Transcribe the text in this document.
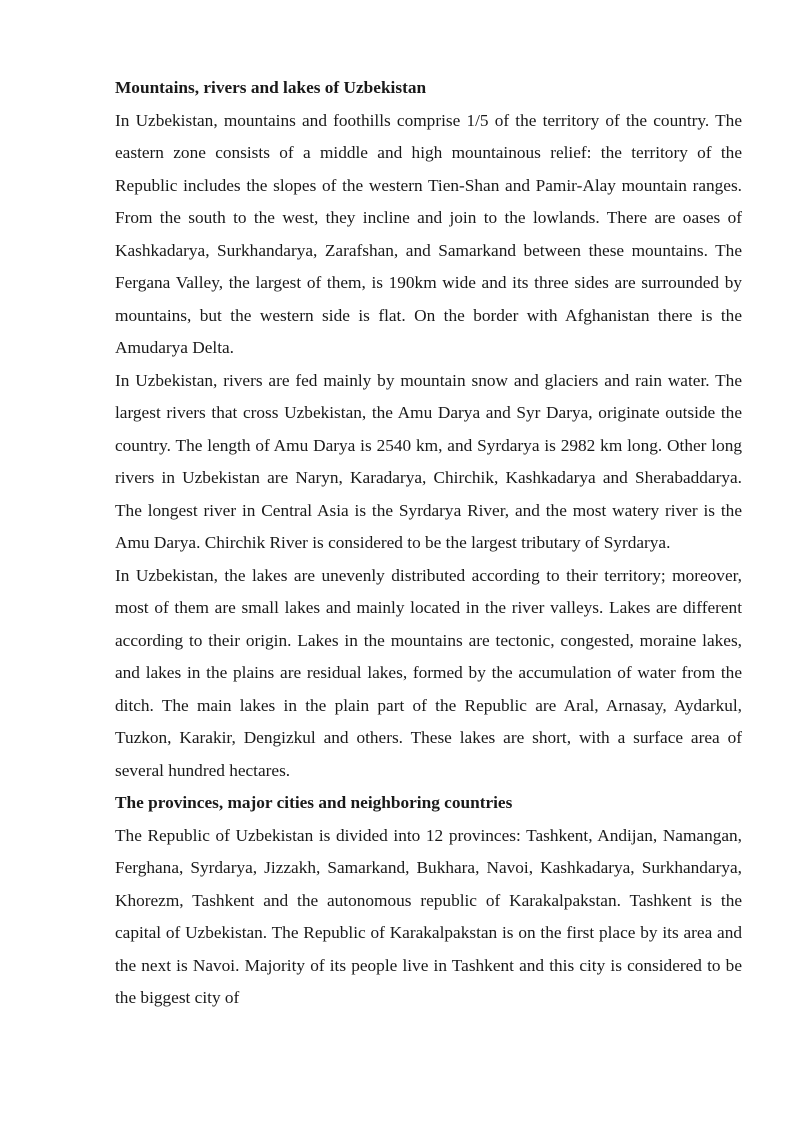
Mountains, rivers and lakes of Uzbekistan

In Uzbekistan, mountains and foothills comprise 1/5 of the territory of the country. The eastern zone consists of a middle and high mountainous relief: the territory of the Republic includes the slopes of the western Tien-Shan and Pamir-Alay mountain ranges. From the south to the west, they incline and join to the lowlands. There are oases of Kashkadarya, Surkhandarya, Zarafshan, and Samarkand between these mountains. The Fergana Valley, the largest of them, is 190km wide and its three sides are surrounded by mountains, but the western side is flat. On the border with Afghanistan there is the Amudarya Delta.

In Uzbekistan, rivers are fed mainly by mountain snow and glaciers and rain water. The largest rivers that cross Uzbekistan, the Amu Darya and Syr Darya, originate outside the country. The length of Amu Darya is 2540 km, and Syrdarya is 2982 km long. Other long rivers in Uzbekistan are Naryn, Karadarya, Chirchik, Kashkadarya and Sherabaddarya. The longest river in Central Asia is the Syrdarya River, and the most watery river is the Amu Darya. Chirchik River is considered to be the largest tributary of Syrdarya.

In Uzbekistan, the lakes are unevenly distributed according to their territory; moreover, most of them are small lakes and mainly located in the river valleys. Lakes are different according to their origin. Lakes in the mountains are tectonic, congested, moraine lakes, and lakes in the plains are residual lakes, formed by the accumulation of water from the ditch. The main lakes in the plain part of the Republic are Aral, Arnasay, Aydarkul, Tuzkon, Karakir, Dengizkul and others. These lakes are short, with a surface area of several hundred hectares.

The provinces, major cities and neighboring countries

The Republic of Uzbekistan is divided into 12 provinces: Tashkent, Andijan, Namangan, Ferghana, Syrdarya, Jizzakh, Samarkand, Bukhara, Navoi, Kashkadarya, Surkhandarya, Khorezm, Tashkent and the autonomous republic of Karakalpakstan. Tashkent is the capital of Uzbekistan. The Republic of Karakalpakstan is on the first place by its area and the next is Navoi. Majority of its people live in Tashkent and this city is considered to be the biggest city of
